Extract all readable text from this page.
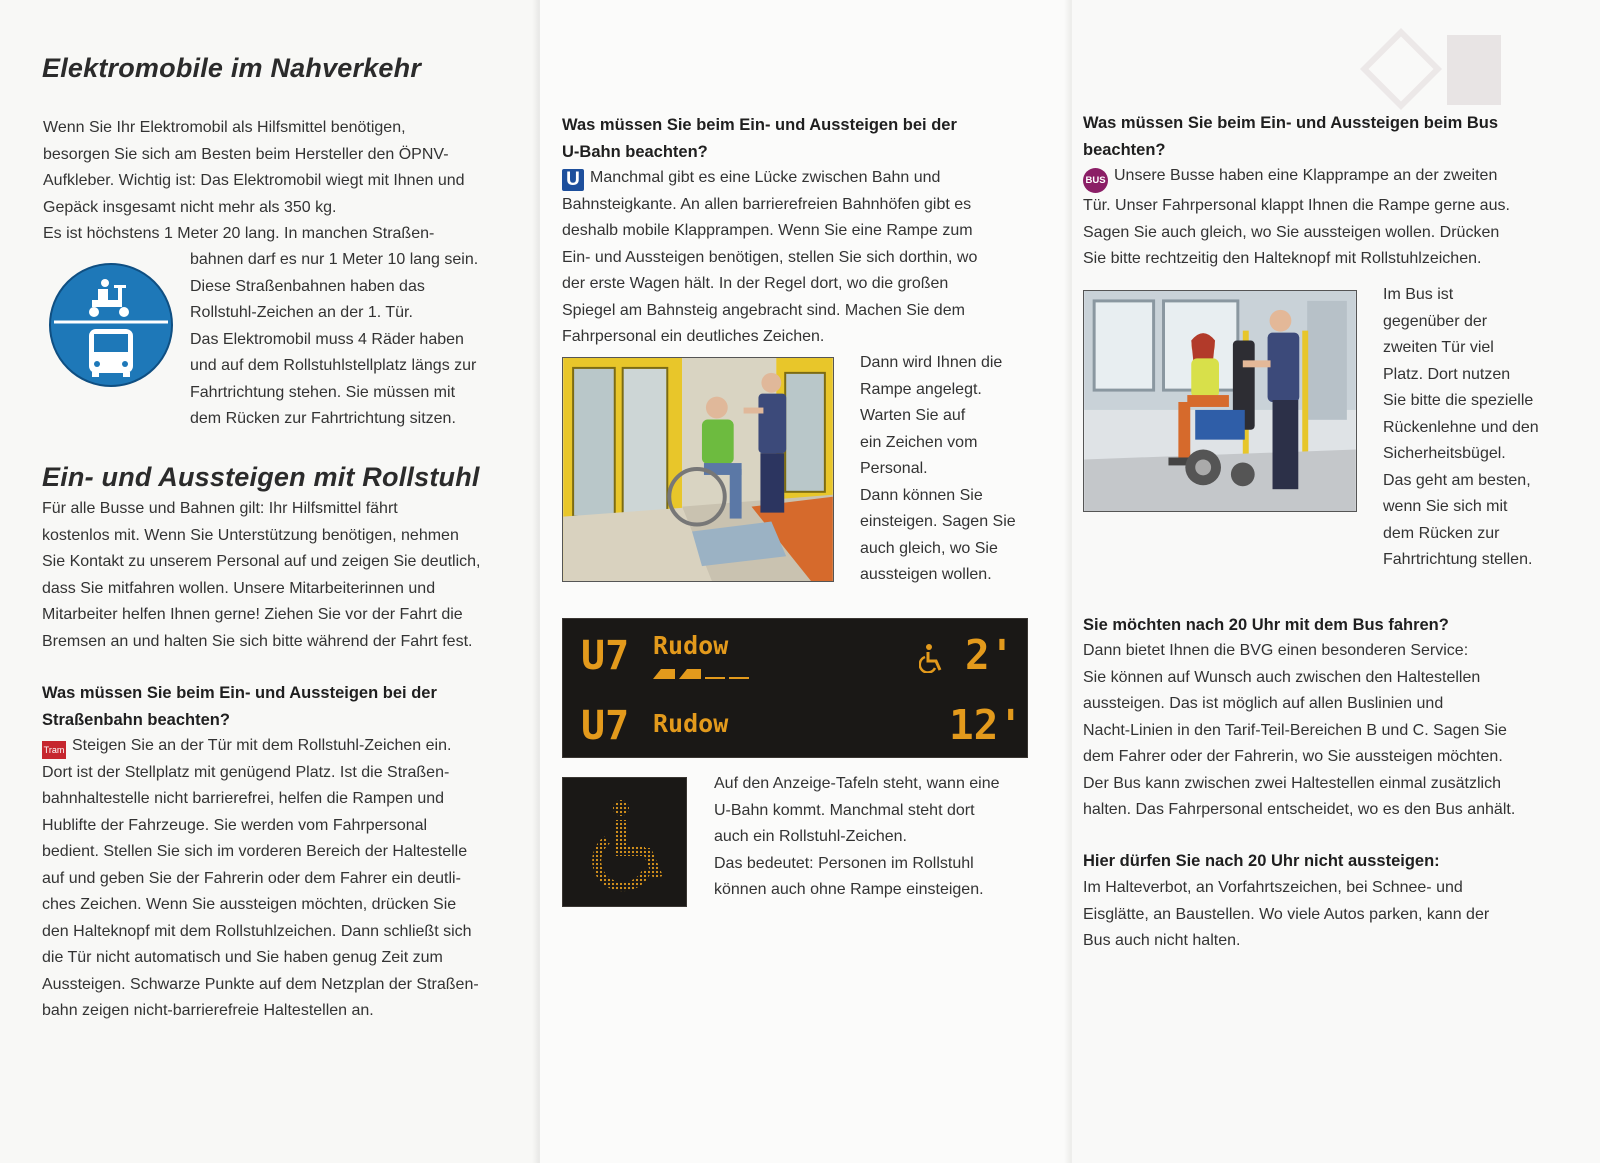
Elektromobile im Nahverkehr
Wenn Sie Ihr Elektromobil als Hilfsmittel benötigen,
besorgen Sie sich am Besten beim Hersteller den ÖPNV-
Aufkleber. Wichtig ist: Das Elektromobil wiegt mit Ihnen und
Gepäck insgesamt nicht mehr als 350 kg.
Es ist höchstens 1 Meter 20 lang. In manchen Straßen-
bahnen darf es nur 1 Meter 10 lang sein.
Diese Straßenbahnen haben das
Rollstuhl-Zeichen an der 1. Tür.
Das Elektromobil muss 4 Räder haben
und auf dem Rollstuhlstellplatz längs zur
Fahrtrichtung stehen. Sie müssen mit
dem Rücken zur Fahrtrichtung sitzen.
Ein- und Aussteigen mit Rollstuhl
Für alle Busse und Bahnen gilt: Ihr Hilfsmittel fährt
kostenlos mit. Wenn Sie Unterstützung benötigen, nehmen
Sie Kontakt zu unserem Personal auf und zeigen Sie deutlich,
dass Sie mitfahren wollen. Unsere Mitarbeiterinnen und
Mitarbeiter helfen Ihnen gerne! Ziehen Sie vor der Fahrt die
Bremsen an und halten Sie sich bitte während der Fahrt fest.
Was müssen Sie beim Ein- und Aussteigen bei der
Straßenbahn beachten?
Tram Steigen Sie an der Tür mit dem Rollstuhl-Zeichen ein.
Dort ist der Stellplatz mit genügend Platz. Ist die Straßen-
bahnhaltestelle nicht barrierefrei, helfen die Rampen und
Hublifte der Fahrzeuge. Sie werden vom Fahrpersonal
bedient. Stellen Sie sich im vorderen Bereich der Haltestelle
auf und geben Sie der Fahrerin oder dem Fahrer ein deutli-
ches Zeichen. Wenn Sie aussteigen möchten, drücken Sie
den Halteknopf mit dem Rollstuhlzeichen. Dann schließt sich
die Tür nicht automatisch und Sie haben genug Zeit zum
Aussteigen. Schwarze Punkte auf dem Netzplan der Straßen-
bahn zeigen nicht-barrierefreie Haltestellen an.
Was müssen Sie beim Ein- und Aussteigen bei der
U-Bahn beachten?
U Manchmal gibt es eine Lücke zwischen Bahn und
Bahnsteigkante. An allen barrierefreien Bahnhöfen gibt es
deshalb mobile Klapprampen. Wenn Sie eine Rampe zum
Ein- und Aussteigen benötigen, stellen Sie sich dorthin, wo
der erste Wagen hält. In der Regel dort, wo die großen
Spiegel am Bahnsteig angebracht sind. Machen Sie dem
Fahrpersonal ein deutliches Zeichen.
Dann wird Ihnen die
Rampe angelegt.
Warten Sie auf
ein Zeichen vom
Personal.
Dann können Sie
einsteigen. Sagen Sie
auch gleich, wo Sie
aussteigen wollen.
U7 Rudow	2'
U7 Rudow	12'
Auf den Anzeige-Tafeln steht, wann eine
U-Bahn kommt. Manchmal steht dort
auch ein Rollstuhl-Zeichen.
Das bedeutet: Personen im Rollstuhl
können auch ohne Rampe einsteigen.
Was müssen Sie beim Ein- und Aussteigen beim Bus
beachten?
BUS Unsere Busse haben eine Klapprampe an der zweiten
Tür. Unser Fahrpersonal klappt Ihnen die Rampe gerne aus.
Sagen Sie auch gleich, wo Sie aussteigen wollen. Drücken
Sie bitte rechtzeitig den Halteknopf mit Rollstuhlzeichen.
Im Bus ist
gegenüber der
zweiten Tür viel
Platz. Dort nutzen
Sie bitte die spezielle
Rückenlehne und den
Sicherheitsbügel.
Das geht am besten,
wenn Sie sich mit
dem Rücken zur
Fahrtrichtung stellen.
Sie möchten nach 20 Uhr mit dem Bus fahren?
Dann bietet Ihnen die BVG einen besonderen Service:
Sie können auf Wunsch auch zwischen den Haltestellen
aussteigen. Das ist möglich auf allen Buslinien und
Nacht-Linien in den Tarif-Teil-Bereichen B und C. Sagen Sie
dem Fahrer oder der Fahrerin, wo Sie aussteigen möchten.
Der Bus kann zwischen zwei Haltestellen einmal zusätzlich
halten. Das Fahrpersonal entscheidet, wo es den Bus anhält.
Hier dürfen Sie nach 20 Uhr nicht aussteigen:
Im Halteverbot, an Vorfahrtszeichen, bei Schnee- und
Eisglätte, an Baustellen. Wo viele Autos parken, kann der
Bus auch nicht halten.
